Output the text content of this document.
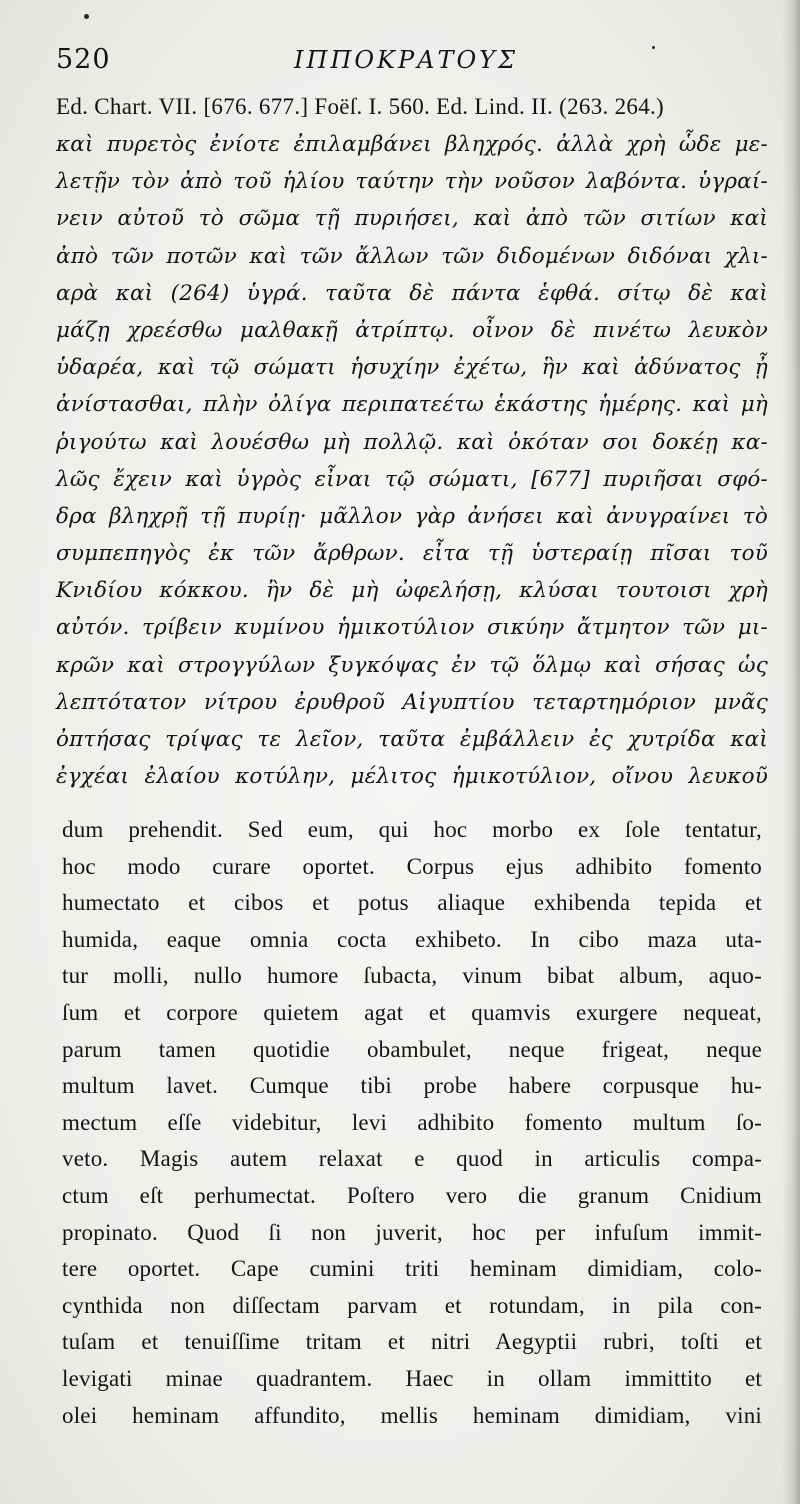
520	ΙΠΠΟΚΡΑΤΟΥΣ
Ed. Chart. VII. [676. 677.] Foëſ. I. 560. Ed. Lind. II. (263. 264.)
καὶ πυρετὸς ἐνίοτε ἐπιλαμβάνει βληχρός. ἀλλὰ χρὴ ὧδε με-
λετῇν τὸν ἀπὸ τοῦ ἡλίου ταύτην τὴν νοῦσον λαβόντα. ὑγραί-
νειν αὐτοῦ τὸ σῶμα τῇ πυριήσει, καὶ ἀπὸ τῶν σιτίων καὶ
ἀπὸ τῶν ποτῶν καὶ τῶν ἄλλων τῶν διδομένων διδόναι χλι-
αρὰ καὶ (264) ὑγρά. ταῦτα δὲ πάντα ἑφθά. σίτῳ δὲ καὶ
μάζῃ χρεέσθω μαλθακῇ ἀτρίπτῳ. οἶνον δὲ πινέτω λευκὸν
ὑδαρέα, καὶ τῷ σώματι ἡσυχίην ἐχέτω, ἣν καὶ ἀδύνατος ᾖ
ἀνίστασθαι, πλὴν ὀλίγα περιπατεέτω ἑκάστης ἡμέρης. καὶ μὴ
ῥιγούτω καὶ λουέσθω μὴ πολλῷ. καὶ ὁκόταν σοι δοκέῃ κα-
λῶς ἔχειν καὶ ὑγρὸς εἶναι τῷ σώματι, [677] πυριῆσαι σφό-
δρα βληχρῇ τῇ πυρίῃ· μᾶλλον γὰρ ἀνήσει καὶ ἀνυγραίνει τὸ
συμπεπηγὸς ἐκ τῶν ἄρθρων. εἶτα τῇ ὑστεραίῃ πῖσαι τοῦ
Κνιδίου κόκκου. ἢν δὲ μὴ ὠφελήσῃ, κλύσαι τουτοισι χρὴ
αὐτόν. τρίβειν κυμίνου ἡμικοτύλιον σικύην ἄτμητον τῶν μι-
κρῶν καὶ στρογγύλων ξυγκόψας ἐν τῷ ὅλμῳ καὶ σήσας ὡς
λεπτότατον νίτρου ἐρυθροῦ Αἰγυπτίου τεταρτημόριον μνᾶς
ὀπτήσας τρίψας τε λεῖον, ταῦτα ἐμβάλλειν ἐς χυτρίδα καὶ
ἐγχέαι ἐλαίου κοτύλην, μέλιτος ἡμικοτύλιον, οἴνου λευκοῦ
dum prehendit. Sed eum, qui hoc morbo ex ſole tentatur,
hoc modo curare oportet. Corpus ejus adhibito fomento
humectato et cibos et potus aliaque exhibenda tepida et
humida, eaque omnia cocta exhibeto. In cibo maza uta-
tur molli, nullo humore ſubacta, vinum bibat album, aquo-
ſum et corpore quietem agat et quamvis exurgere nequeat,
parum tamen quotidie obambulet, neque frigeat, neque
multum lavet. Cumque tibi probe habere corpusque hu-
mectum eſſe videbitur, levi adhibito fomento multum ſo-
veto. Magis autem relaxat e quod in articulis compa-
ctum eſt perhumectat. Poſtero vero die granum Cnidium
propinato. Quod ſi non juverit, hoc per infuſum immit-
tere oportet. Cape cumini triti heminam dimidiam, colo-
cynthida non diſſectam parvam et rotundam, in pila con-
tuſam et tenuiſſime tritam et nitri Aegyptii rubri, toſti et
levigati minae quadrantem. Haec in ollam immittito et
olei heminam affundito, mellis heminam dimidiam, vini
